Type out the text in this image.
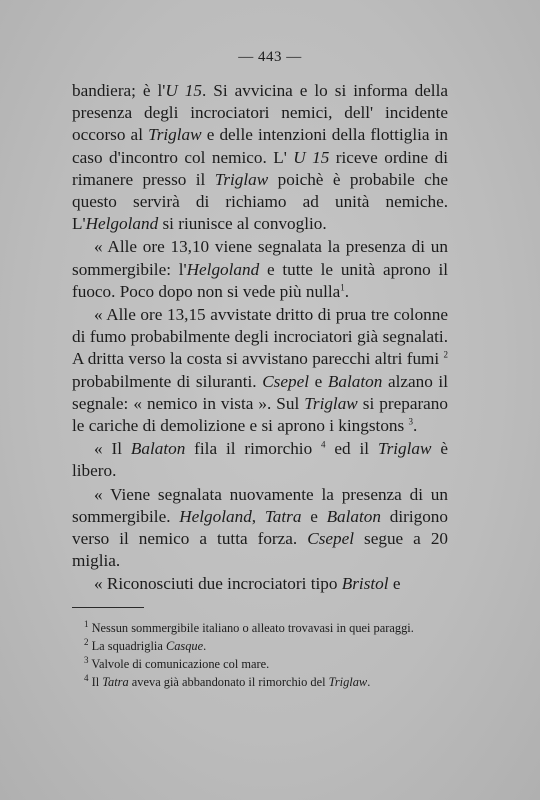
— 443 —

bandiera; è l'U 15. Si avvicina e lo si informa della presenza degli incrociatori nemici, dell' incidente occorso al Triglaw e delle intenzioni della flottiglia in caso d'incontro col nemico. L' U 15 riceve ordine di rimanere presso il Triglaw poichè è probabile che questo servirà di richiamo ad unità nemiche. L'Helgoland si riunisce al convoglio.

« Alle ore 13,10 viene segnalata la presenza di un sommergibile: l'Helgoland e tutte le unità aprono il fuoco. Poco dopo non si vede più nulla$^1$.

« Alle ore 13,15 avvistate dritto di prua tre colonne di fumo probabilmente degli incrociatori già segnalati. A dritta verso la costa si avvistano parecchi altri fumi $^2$ probabilmente di siluranti. Csepel e Balaton alzano il segnale: « nemico in vista ». Sul Triglaw si preparano le cariche di demolizione e si aprono i kingstons $^3$.

« Il Balaton fila il rimorchio $^4$ ed il Triglaw è libero.

« Viene segnalata nuovamente la presenza di un sommergibile. Helgoland, Tatra e Balaton dirigono verso il nemico a tutta forza. Csepel segue a 20 miglia.

« Riconosciuti due incrociatori tipo Bristol e

$^1$ Nessun sommergibile italiano o alleato trovavasi in quei paraggi.

$^2$ La squadriglia Casque.

$^3$ Valvole di comunicazione col mare.

$^4$ Il Tatra aveva già abbandonato il rimorchio del Triglaw.
